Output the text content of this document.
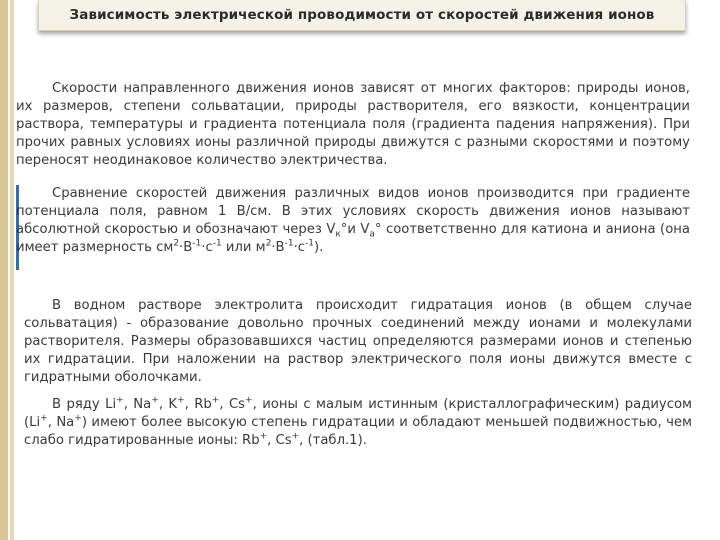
Зависимость электрической проводимости от скоростей движения ионов

Скорости направленного движения ионов зависят от многих факторов: природы ионов, их размеров, степени сольватации, природы растворителя, его вязкости, концентрации раствора, температуры и градиента потенциала поля (градиента падения напряжения). При прочих равных условиях ионы различной природы движутся с разными скоростями и поэтому переносят неодинаковое количество электричества.

Сравнение скоростей движения различных видов ионов производится при градиенте потенциала поля, равном 1 В/см. В этих условиях скорость движения ионов называют абсолютной скоростью и обозначают через $V_к^\circ и$ $V_a^\circ$ соответственно для катиона и аниона (она имеет размерность $см^2\cdot В^{-1}\cdot с^{-1}$ или $м^2\cdot В^{-1}\cdot с^{-1}$).

В водном растворе электролита происходит гидратация ионов (в общем случае сольватация) - образование довольно прочных соединений между ионами и молекулами растворителя. Размеры образовавшихся частиц определяются размерами ионов и степенью их гидратации. При наложении на раствор электрического поля ионы движутся вместе с гидратными оболочками.

В ряду Li+, Na+, K+, Rb+, Cs+, ионы с малым истинным (кристаллографическим) радиусом (Li+, Na+) имеют более высокую степень гидратации и обладают меньшей подвижностью, чем слабо гидратированные ионы: Rb+, Cs+, (табл.1).
